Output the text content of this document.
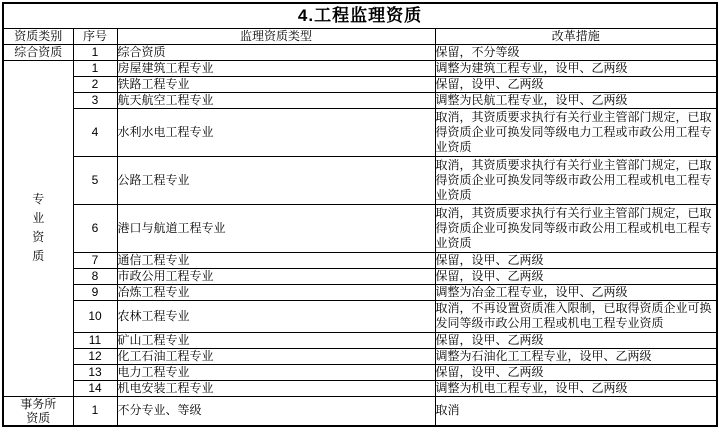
4.工程监理资质			
资质类别	序号	监理资质类型	改革措施
综合资质	1	综合资质	保留，不分等级

专业资质	1	房屋建筑工程专业	调整为建筑工程专业，设甲、乙两级
	2	铁路工程专业	保留，设甲、乙两级
	3	航天航空工程专业	调整为民航工程专业，设甲、乙两级
	4	水利水电工程专业	取消，其资质要求执行有关行业主管部门规定，已取得资质企业可换发同等级电力工程或市政公用工程专业资质
	5	公路工程专业	取消，其资质要求执行有关行业主管部门规定，已取得资质企业可换发同等级市政公用工程或机电工程专业资质
	6	港口与航道工程专业	取消，其资质要求执行有关行业主管部门规定，已取得资质企业可换发同等级市政公用工程或机电工程专业资质
	7	通信工程专业	保留，设甲、乙两级
	8	市政公用工程专业	保留，设甲、乙两级
	9	冶炼工程专业	调整为冶金工程专业，设甲、乙两级
	10	农林工程专业	取消，不再设置资质准入限制，已取得资质企业可换发同等级市政公用工程或机电工程专业资质
	11	矿山工程专业	保留，设甲、乙两级
	12	化工石油工程专业	调整为石油化工工程专业，设甲、乙两级
	13	电力工程专业	保留，设甲、乙两级
	14	机电安装工程专业	调整为机电工程专业，设甲、乙两级

事务所资质	1	不分专业、等级	取消
